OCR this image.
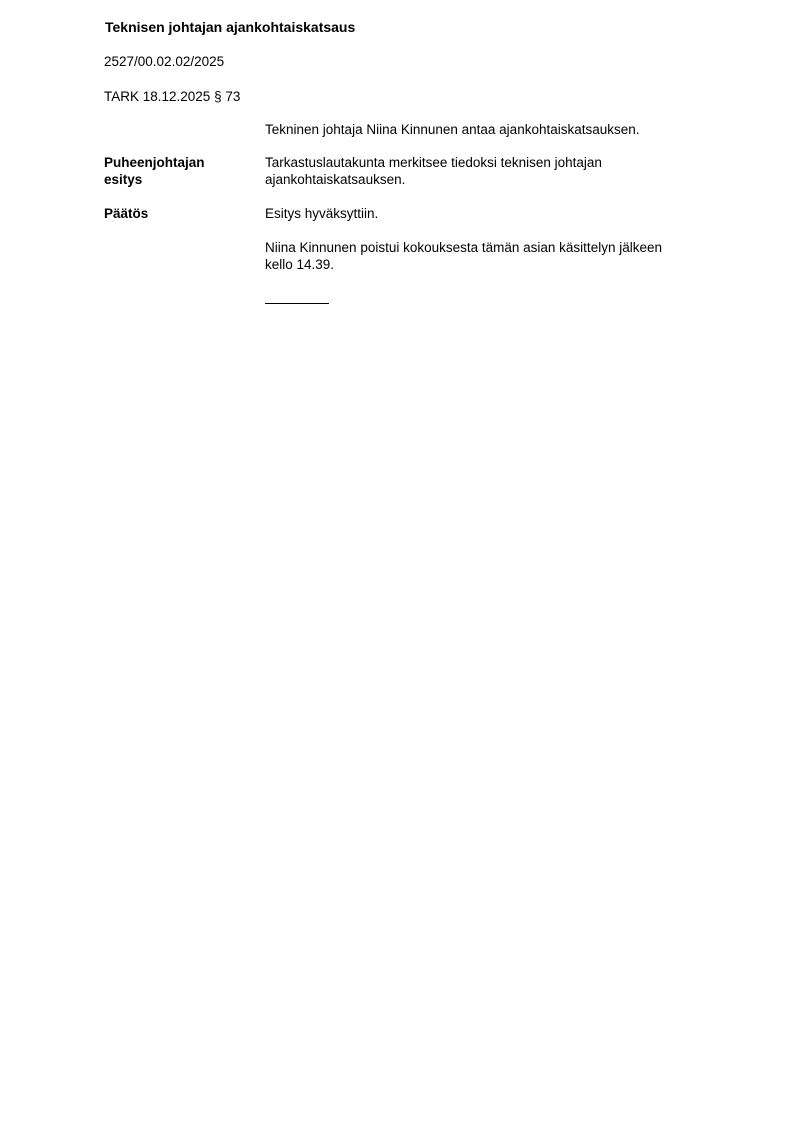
Teknisen johtajan ajankohtaiskatsaus
2527/00.02.02/2025
TARK 18.12.2025 § 73
Tekninen johtaja Niina Kinnunen antaa ajankohtaiskatsauksen.
Puheenjohtajan
esitys
Tarkastuslautakunta merkitsee tiedoksi teknisen johtajan
ajankohtaiskatsauksen.
Päätös	Esitys hyväksyttiin.
Niina Kinnunen poistui kokouksesta tämän asian käsittelyn jälkeen
kello 14.39.
